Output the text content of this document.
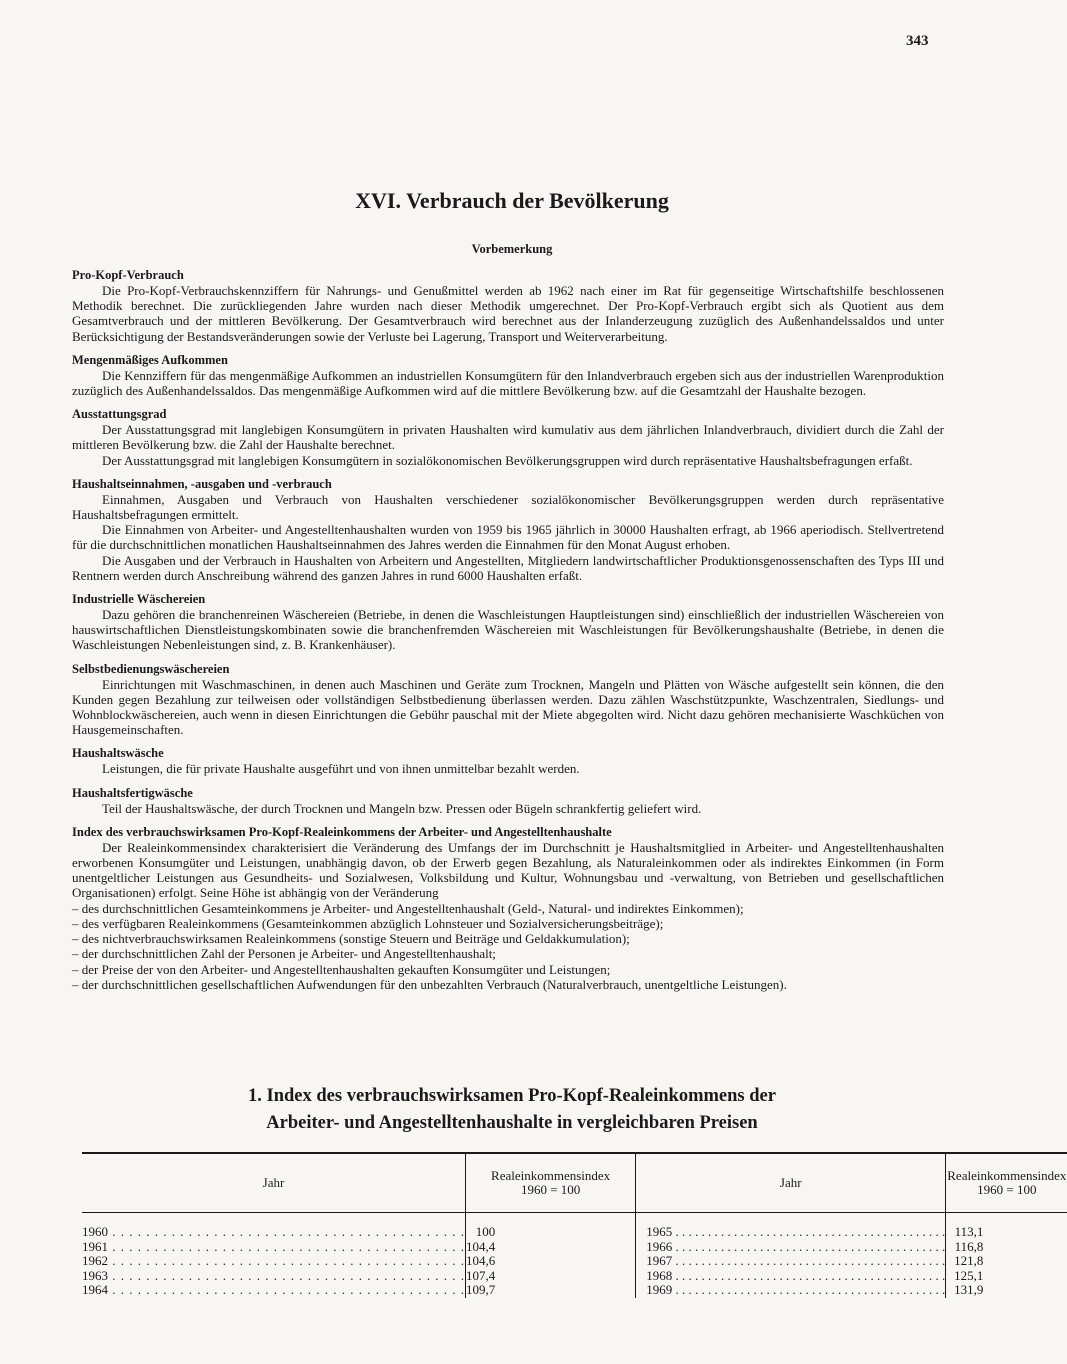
343
XVI. Verbrauch der Bevölkerung
Vorbemerkung

Pro-Kopf-Verbrauch

Die Pro-Kopf-Verbrauchskennziffern für Nahrungs- und Genußmittel werden ab 1962 nach einer im Rat für gegenseitige Wirtschaftshilfe beschlossenen Methodik berechnet. Die zurückliegenden Jahre wurden nach dieser Methodik umgerechnet. Der Pro-Kopf-Verbrauch ergibt sich als Quotient aus dem Gesamtverbrauch und der mittleren Bevölkerung. Der Gesamtverbrauch wird berechnet aus der Inlanderzeugung zuzüglich des Außenhandelssaldos und unter Berücksichtigung der Bestandsveränderungen sowie der Verluste bei Lagerung, Transport und Weiterverarbeitung.

Mengenmäßiges Aufkommen

Die Kennziffern für das mengenmäßige Aufkommen an industriellen Konsumgütern für den Inlandverbrauch ergeben sich aus der industriellen Warenproduktion zuzüglich des Außenhandelssaldos. Das mengenmäßige Aufkommen wird auf die mittlere Bevölkerung bzw. auf die Gesamtzahl der Haushalte bezogen.

Ausstattungsgrad

Der Ausstattungsgrad mit langlebigen Konsumgütern in privaten Haushalten wird kumulativ aus dem jährlichen Inlandverbrauch, dividiert durch die Zahl der mittleren Bevölkerung bzw. die Zahl der Haushalte berechnet.

Der Ausstattungsgrad mit langlebigen Konsumgütern in sozialökonomischen Bevölkerungsgruppen wird durch repräsentative Haushaltsbefragungen erfaßt.

Haushaltseinnahmen, -ausgaben und -verbrauch

Einnahmen, Ausgaben und Verbrauch von Haushalten verschiedener sozialökonomischer Bevölkerungsgruppen werden durch repräsentative Haushaltsbefragungen ermittelt.

Die Einnahmen von Arbeiter- und Angestelltenhaushalten wurden von 1959 bis 1965 jährlich in 30000 Haushalten erfragt, ab 1966 aperiodisch. Stellvertretend für die durchschnittlichen monatlichen Haushaltseinnahmen des Jahres werden die Einnahmen für den Monat August erhoben.

Die Ausgaben und der Verbrauch in Haushalten von Arbeitern und Angestellten, Mitgliedern landwirtschaftlicher Produktionsgenossenschaften des Typs III und Rentnern werden durch Anschreibung während des ganzen Jahres in rund 6000 Haushalten erfaßt.

Industrielle Wäschereien

Dazu gehören die branchenreinen Wäschereien (Betriebe, in denen die Waschleistungen Hauptleistungen sind) einschließlich der industriellen Wäschereien von hauswirtschaftlichen Dienstleistungskombinaten sowie die branchenfremden Wäschereien mit Waschleistungen für Bevölkerungshaushalte (Betriebe, in denen die Waschleistungen Nebenleistungen sind, z. B. Krankenhäuser).

Selbstbedienungswäschereien

Einrichtungen mit Waschmaschinen, in denen auch Maschinen und Geräte zum Trocknen, Mangeln und Plätten von Wäsche aufgestellt sein können, die den Kunden gegen Bezahlung zur teilweisen oder vollständigen Selbstbedienung überlassen werden. Dazu zählen Waschstützpunkte, Waschzentralen, Siedlungs- und Wohnblockwäschereien, auch wenn in diesen Einrichtungen die Gebühr pauschal mit der Miete abgegolten wird. Nicht dazu gehören mechanisierte Waschküchen von Hausgemeinschaften.

Haushaltswäsche

Leistungen, die für private Haushalte ausgeführt und von ihnen unmittelbar bezahlt werden.

Haushaltsfertigwäsche

Teil der Haushaltswäsche, der durch Trocknen und Mangeln bzw. Pressen oder Bügeln schrankfertig geliefert wird.

Index des verbrauchswirksamen Pro-Kopf-Realeinkommens der Arbeiter- und Angestelltenhaushalte

Der Realeinkommensindex charakterisiert die Veränderung des Umfangs der im Durchschnitt je Haushaltsmitglied in Arbeiter- und Angestelltenhaushalten erworbenen Konsumgüter und Leistungen, unabhängig davon, ob der Erwerb gegen Bezahlung, als Naturaleinkommen oder als indirektes Einkommen (in Form unentgeltlicher Leistungen aus Gesundheits- und Sozialwesen, Volksbildung und Kultur, Wohnungsbau und -verwaltung, von Betrieben und gesellschaftlichen Organisationen) erfolgt. Seine Höhe ist abhängig von der Veränderung

– des durchschnittlichen Gesamteinkommens je Arbeiter- und Angestelltenhaushalt (Geld-, Natural- und indirektes Einkommen);
– des verfügbaren Realeinkommens (Gesamteinkommen abzüglich Lohnsteuer und Sozialversicherungsbeiträge);
– des nichtverbrauchswirksamen Realeinkommens (sonstige Steuern und Beiträge und Geldakkumulation);
– der durchschnittlichen Zahl der Personen je Arbeiter- und Angestelltenhaushalt;
– der Preise der von den Arbeiter- und Angestelltenhaushalten gekauften Konsumgüter und Leistungen;
– der durchschnittlichen gesellschaftlichen Aufwendungen für den unbezahlten Verbrauch (Naturalverbrauch, unentgeltliche Leistungen).
1. Index des verbrauchswirksamen Pro-Kopf-Realeinkommens der
Arbeiter- und Angestelltenhaushalte in vergleichbaren Preisen
Jahr	Realeinkommensindex
1960 = 100	Jahr	Realeinkommensindex
1960 = 100
1960 . . . . . . . . . . . . . . . . . . . . . . . . . . . . . . . . . . . . . . . . . .	100	1965 . . . . . . . . . . . . . . . . . . . . . . . . . . . . . . . . . . . . . . . . . .	113,1
1961 . . . . . . . . . . . . . . . . . . . . . . . . . . . . . . . . . . . . . . . . . .	104,4	1966 . . . . . . . . . . . . . . . . . . . . . . . . . . . . . . . . . . . . . . . . . .	116,8
1962 . . . . . . . . . . . . . . . . . . . . . . . . . . . . . . . . . . . . . . . . . .	104,6	1967 . . . . . . . . . . . . . . . . . . . . . . . . . . . . . . . . . . . . . . . . . .	121,8
1963 . . . . . . . . . . . . . . . . . . . . . . . . . . . . . . . . . . . . . . . . . .	107,4	1968 . . . . . . . . . . . . . . . . . . . . . . . . . . . . . . . . . . . . . . . . . .	125,1
1964 . . . . . . . . . . . . . . . . . . . . . . . . . . . . . . . . . . . . . . . . . .	109,7	1969 . . . . . . . . . . . . . . . . . . . . . . . . . . . . . . . . . . . . . . . . . .	131,9
